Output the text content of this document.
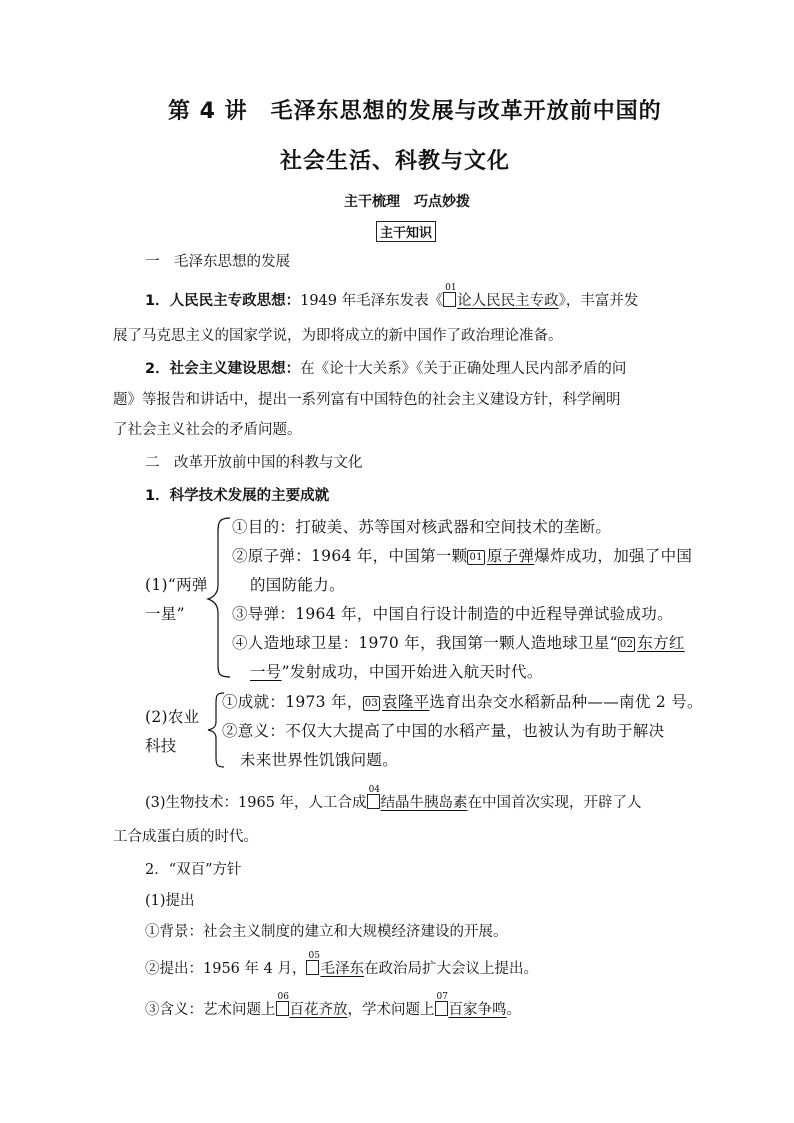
第 4 讲　毛泽东思想的发展与改革开放前中国的
社会生活、科教与文化
主干梳理　巧点妙拨
主干知识
一　毛泽东思想的发展
1．人民民主专政思想：1949 年毛泽东发表《
01
论人民民主专政》，丰富并发
展了马克思主义的国家学说，为即将成立的新中国作了政治理论准备。
2．社会主义建设思想：在《论十大关系》《关于正确处理人民内部矛盾的问
题》等报告和讲话中，提出一系列富有中国特色的社会主义建设方针，科学阐明
了社会主义社会的矛盾问题。
二　改革开放前中国的科教与文化
1．科学技术发展的主要成就
(1)“两弹
一星”
①目的：打破美、苏等国对核武器和空间技术的垄断。
②原子弹：1964 年，中国第一颗 01 原子弹爆炸成功，加强了中国
的国防能力。
③导弹：1964 年，中国自行设计制造的中近程导弹试验成功。
④人造地球卫星：1970 年，我国第一颗人造地球卫星“ 02 东方红
一号”发射成功，中国开始进入航天时代。
(2)农业
科技
①成就：1973 年， 03 袁隆平选育出杂交水稻新品种——南优 2 号。
②意义：不仅大大提高了中国的水稻产量，也被认为有助于解决
未来世界性饥饿问题。
(3)生物技术：1965 年，人工合成
04
结晶牛胰岛素在中国首次实现，开辟了人
工合成蛋白质的时代。
2．“双百”方针
(1)提出
①背景：社会主义制度的建立和大规模经济建设的开展。
②提出：1956 年 4 月，
05
毛泽东在政治局扩大会议上提出。
③含义：艺术问题上
06
百花齐放，学术问题上
07
百家争鸣。
